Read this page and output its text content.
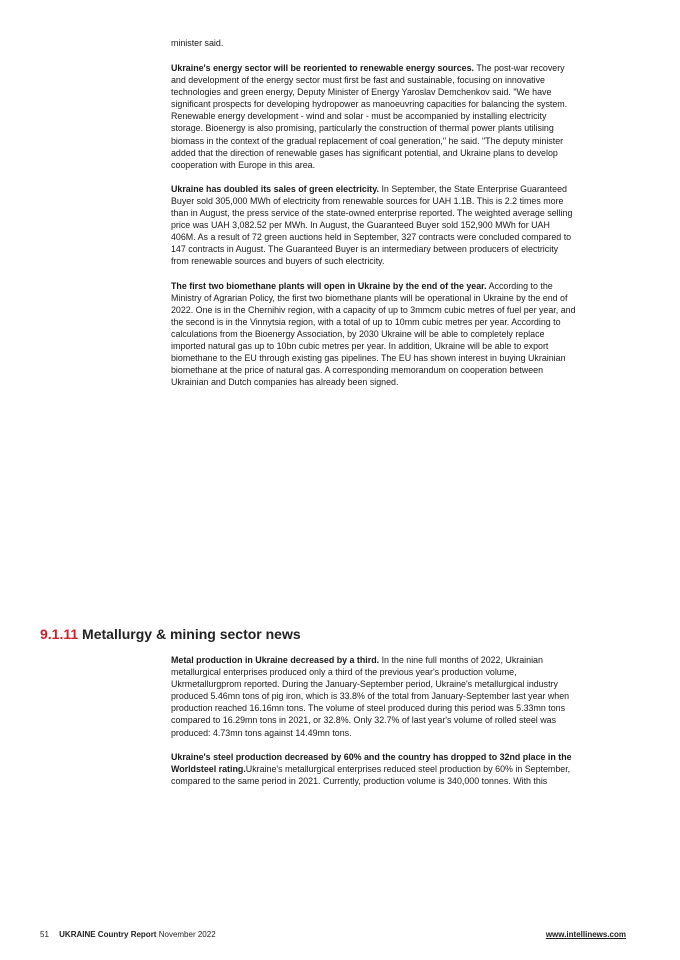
minister said.

Ukraine's energy sector will be reoriented to renewable energy sources. The post-war recovery and development of the energy sector must first be fast and sustainable, focusing on innovative technologies and green energy, Deputy Minister of Energy Yaroslav Demchenkov said. "We have significant prospects for developing hydropower as manoeuvring capacities for balancing the system. Renewable energy development - wind and solar - must be accompanied by installing electricity storage. Bioenergy is also promising, particularly the construction of thermal power plants utilising biomass in the context of the gradual replacement of coal generation," he said. "The deputy minister added that the direction of renewable gases has significant potential, and Ukraine plans to develop cooperation with Europe in this area.

Ukraine has doubled its sales of green electricity. In September, the State Enterprise Guaranteed Buyer sold 305,000 MWh of electricity from renewable sources for UAH 1.1B. This is 2.2 times more than in August, the press service of the state-owned enterprise reported. The weighted average selling price was UAH 3,082.52 per MWh. In August, the Guaranteed Buyer sold 152,900 MWh for UAH 406M. As a result of 72 green auctions held in September, 327 contracts were concluded compared to 147 contracts in August. The Guaranteed Buyer is an intermediary between producers of electricity from renewable sources and buyers of such electricity.

The first two biomethane plants will open in Ukraine by the end of the year. According to the Ministry of Agrarian Policy, the first two biomethane plants will be operational in Ukraine by the end of 2022. One is in the Chernihiv region, with a capacity of up to 3mmcm cubic metres of fuel per year, and the second is in the Vinnytsia region, with a total of up to 10mm cubic metres per year. According to calculations from the Bioenergy Association, by 2030 Ukraine will be able to completely replace imported natural gas up to 10bn cubic metres per year. In addition, Ukraine will be able to export biomethane to the EU through existing gas pipelines. The EU has shown interest in buying Ukrainian biomethane at the price of natural gas. A corresponding memorandum on cooperation between Ukrainian and Dutch companies has already been signed.

9.1.11 Metallurgy & mining sector news

Metal production in Ukraine decreased by a third. In the nine full months of 2022, Ukrainian metallurgical enterprises produced only a third of the previous year's production volume, Ukrmetallurgprom reported. During the January-September period, Ukraine's metallurgical industry produced 5.46mn tons of pig iron, which is 33.8% of the total from January-September last year when production reached 16.16mn tons. The volume of steel produced during this period was 5.33mn tons compared to 16.29mn tons in 2021, or 32.8%. Only 32.7% of last year's volume of rolled steel was produced: 4.73mn tons against 14.49mn tons.

Ukraine's steel production decreased by 60% and the country has dropped to 32nd place in the Worldsteel rating.Ukraine's metallurgical enterprises reduced steel production by 60% in September, compared to the same period in 2021. Currently, production volume is 340,000 tonnes. With this

51 UKRAINE Country Report November 2022	www.intellinews.com
